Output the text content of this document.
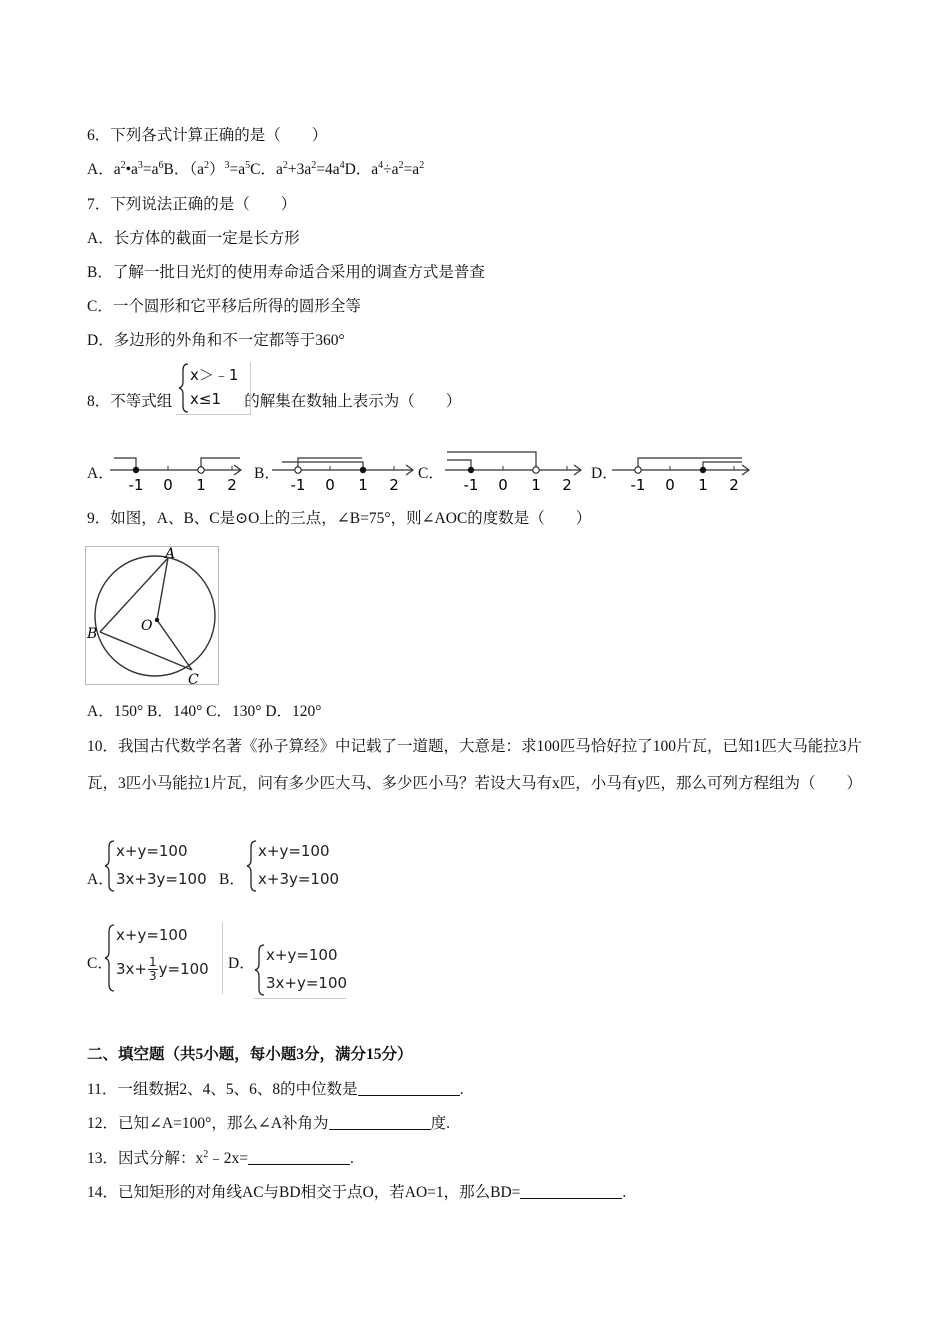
6．下列各式计算正确的是（　　）
A．$a^2•a^3=a^6B$．$(a^2)^3=a^5C$．$a^2+3a^2=4a^4D$．$a^4\div a^2=a^2$
7．下列说法正确的是（　　）
A．长方体的截面一定是长方形
B．了解一批日光灯的使用寿命适合采用的调查方式是普查
C．一个圆形和它平移后所得的圆形全等
D．多边形的外角和不一定都等于360°
8．不等式组	的解集在数轴上表示为（　　）
x＞﹣1
x≤1
A．	B．	C．	D．
-1 0 1 2	-1 0 1 2	-1 0 1 2	-1 0 1 2
9．如图，A、B、C是⊙O上的三点，∠B=75°，则∠AOC的度数是（　　）
A
B
C
O
A．150° B．140° C．130° D．120°
10．我国古代数学名著《孙子算经》中记载了一道题，大意是：求100匹马恰好拉了100片瓦，已知1匹大马能拉3片瓦，3匹小马能拉1片瓦，问有多少匹大马、多少匹小马？若设大马有x匹，小马有y匹，那么可列方程组为（　　）
A．
x+y=100
3x+3y=100 B．
x+y=100
x+3y=100
C．
x+y=100
$3x+ \frac{1}{3} y=100$ D． x+y=100
3x+y=100
二、填空题（共5小题，每小题3分，满分15分）
11．一组数据2、4、5、6、8的中位数是	.
12．已知∠A=100°，那么∠A补角为	度.
13．因式分解：$x^2﹣2x=$	.
14．已知矩形的对角线AC与BD相交于点O，若AO=1，那么BD=	.
